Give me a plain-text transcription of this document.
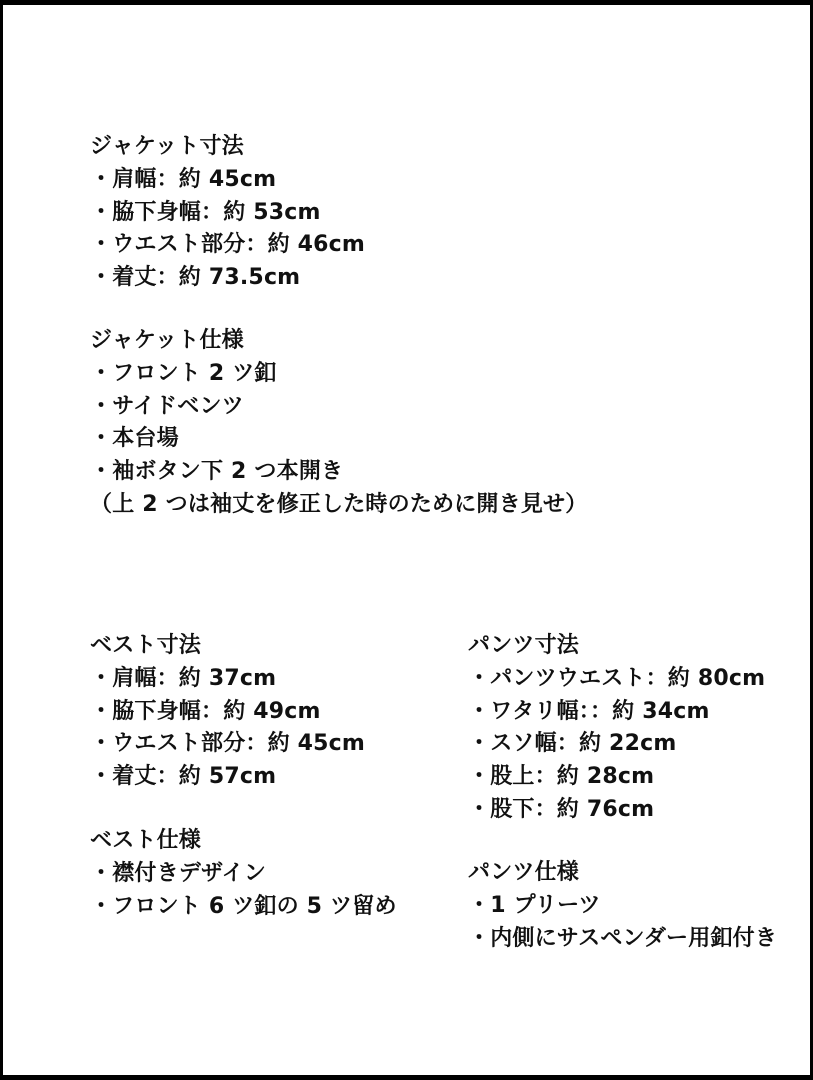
ジャケット寸法

・肩幅：約 45cm

・脇下身幅：約 53cm

・ウエスト部分：約 46cm

・着丈：約 73.5cm

ジャケット仕様

・フロント 2 ツ釦

・サイドベンツ

・本台場

・袖ボタン下 2 つ本開き

（上 2 つは袖丈を修正した時のために開き見せ）

ベスト寸法

・肩幅：約 37cm

・脇下身幅：約 49cm

・ウエスト部分：約 45cm

・着丈：約 57cm

ベスト仕様

・襟付きデザイン

・フロント 6 ツ釦の 5 ツ留め

パンツ寸法

・パンツウエスト：約 80cm

・ワタリ幅：：約 34cm

・スソ幅：約 22cm

・股上：約 28cm

・股下：約 76cm

パンツ仕様

・1 プリーツ

・内側にサスペンダー用釦付き
